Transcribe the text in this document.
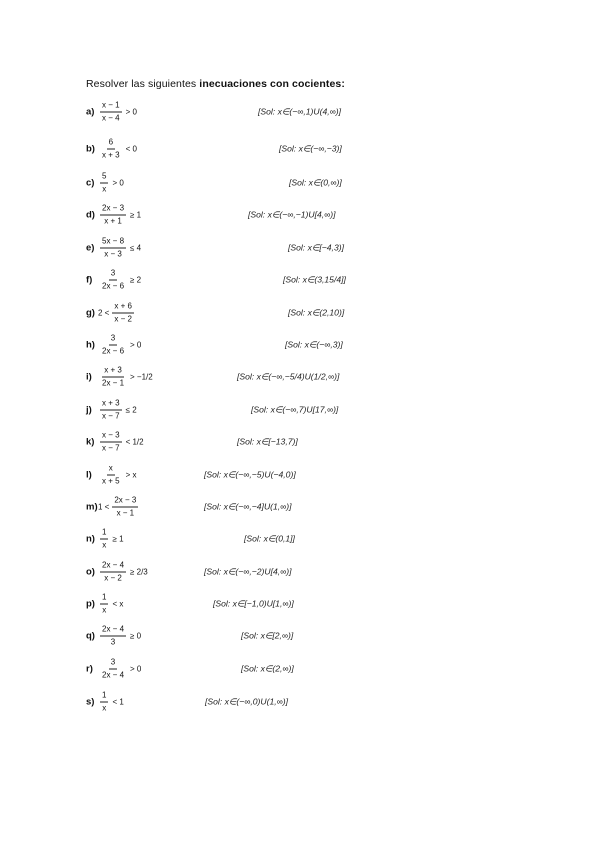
Resolver las siguientes inecuaciones con cocientes:
$a) \frac{x - 1}{x - 4} > 0$	[Sol: x∈(−∞,1)U(4,∞)]
$b) \frac{6}{x + 3} < 0$	[Sol: x∈(−∞,−3)]
$c) \frac{5}{x} > 0$	[Sol: x∈(0,∞)]
$d) \frac{2x - 3}{x + 1} \ge 1$	[Sol: x∈(−∞,−1)U[4,∞)]
$e) \frac{5x - 8}{x - 3} \le 4$	[Sol: x∈[−4,3)]
$f) \frac{3}{2x - 6} \ge 2$	[Sol: x∈(3,15/4]]
g) $2 < \frac{x + 6}{x - 2}$	[Sol: x∈(2,10)]
$h) \frac{3}{2x - 6} > 0$	[Sol: x∈(−∞,3)]
$i) \frac{x + 3}{2x - 1} > -1/2$	[Sol: x∈(−∞,−5/4)U(1/2,∞)]
$j) \frac{x + 3}{x - 7} \le 2$	[Sol: x∈(−∞,7)U[17,∞)]
$k) \frac{x - 3}{x - 7} < 1/2$	[Sol: x∈[−13,7)]
$l) \frac{x}{x + 5} > x$	[Sol: x∈(−∞,−5)U(−4,0)]
m) $1 < \frac{2x - 3}{x - 1}$	[Sol: x∈(−∞,−4]U(1,∞)]
$n) \frac{1}{x} \ge 1$	[Sol: x∈(0,1]]
$o) \frac{2x - 4}{x - 2} \ge 2/3$	[Sol: x∈(−∞,−2)U[4,∞)]
$p) \frac{1}{x} < x$	[Sol: x∈[−1,0)U[1,∞)]
$q) \frac{2x - 4}{3} \ge 0$	[Sol: x∈[2,∞)]
$r) \frac{3}{2x - 4} > 0$	[Sol: x∈(2,∞)]
$s) \frac{1}{x} < 1$	[Sol: x∈(−∞,0)U(1,∞)]
